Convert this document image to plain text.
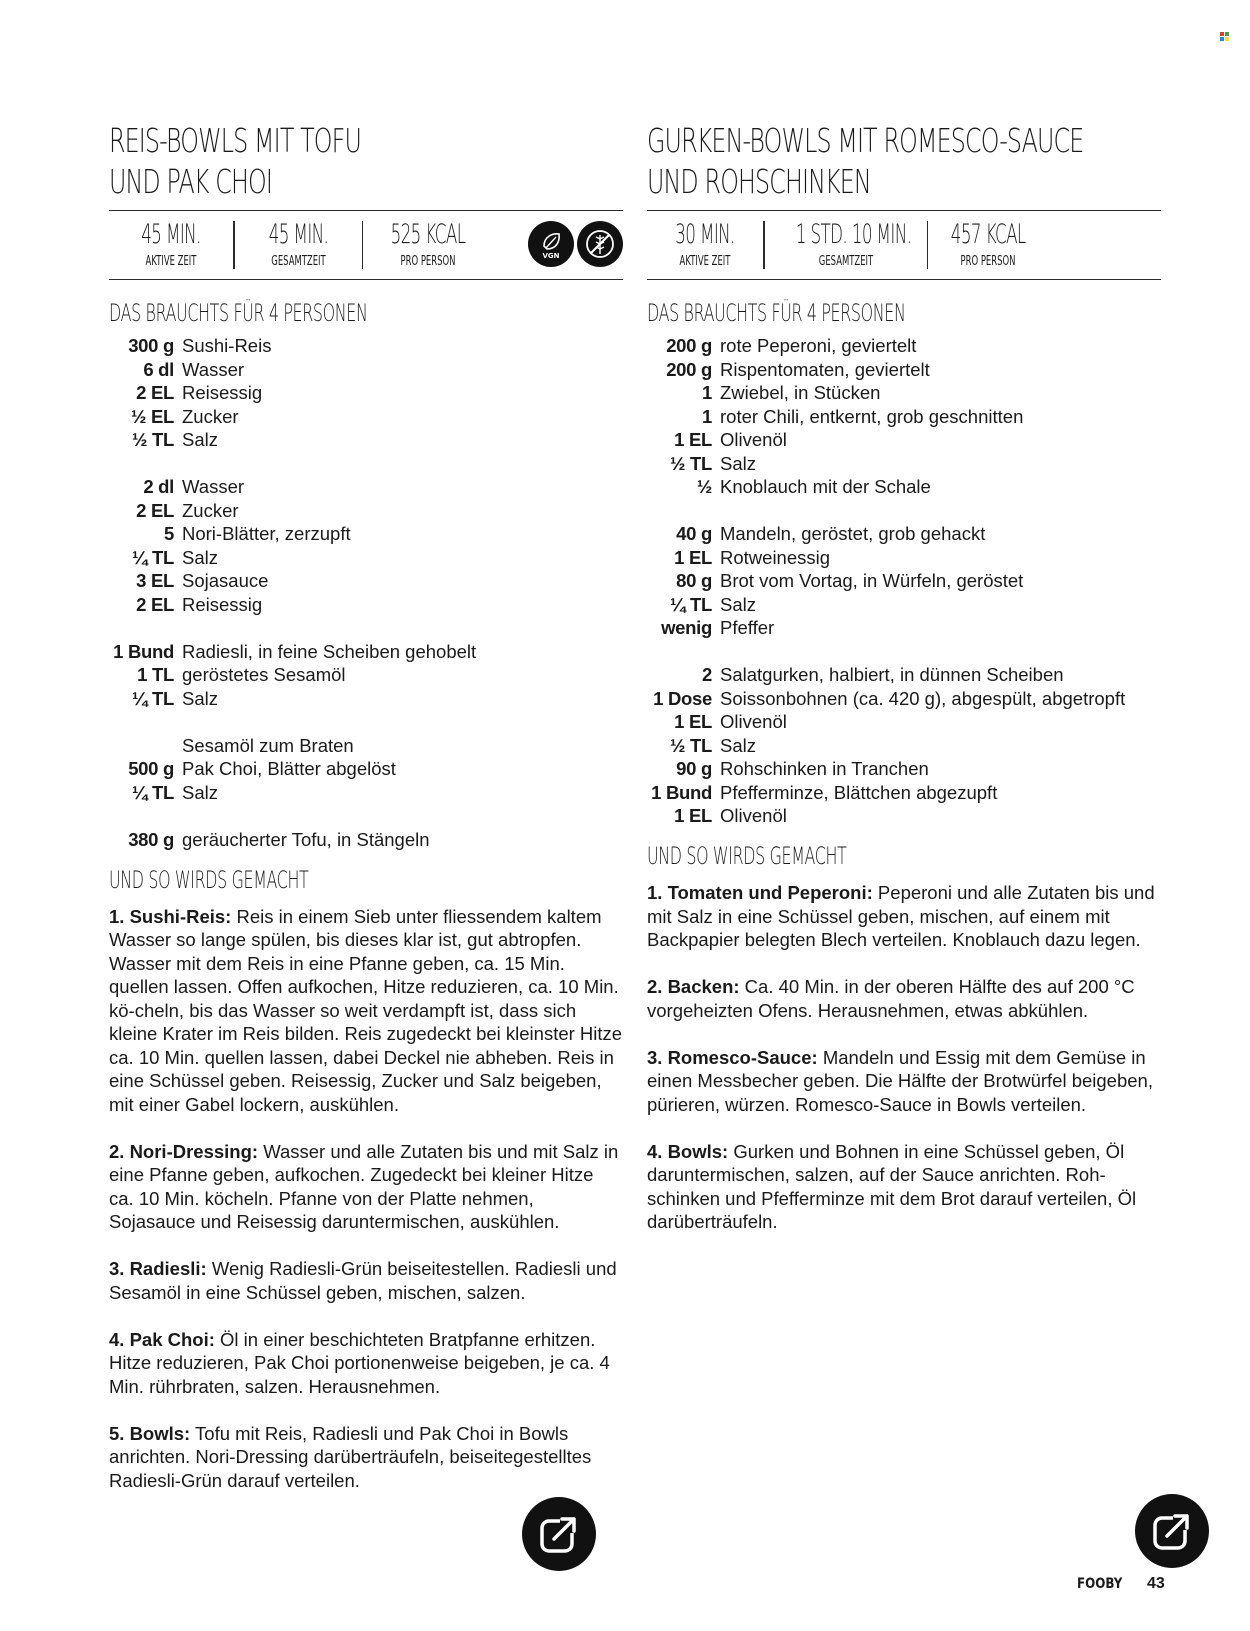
REIS-BOWLS MIT TOFU
UND PAK CHOI
45 MIN.
AKTIVE ZEIT
45 MIN.
GESAMTZEIT
525 KCAL
PRO PERSON	VGN
DAS BRAUCHTS FÜR 4 PERSONEN
300 g Sushi-Reis
6 dl Wasser
2 EL Reisessig
½ EL Zucker
½ TL Salz
2 dl Wasser
2 EL Zucker
5 Nori-Blätter, zerzupft
¼ TL Salz
3 EL Sojasauce
2 EL Reisessig
1 Bund Radiesli, in feine Scheiben gehobelt
1 TL geröstetes Sesamöl
¼ TL Salz
Sesamöl zum Braten
500 g Pak Choi, Blätter abgelöst
¼ TL Salz
380 g geräucherter Tofu, in Stängeln
UND SO WIRDS GEMACHT

1. Sushi-Reis: Reis in einem Sieb unter fliessendem kaltem Wasser so lange spülen, bis dieses klar ist, gut abtropfen. Wasser mit dem Reis in eine Pfanne geben, ca. 15 Min. quellen lassen. Offen aufkochen, Hitze reduzieren, ca. 10 Min. kö-cheln, bis das Wasser so weit verdampft ist, dass sich kleine Krater im Reis bilden. Reis zugedeckt bei kleinster Hitze ca. 10 Min. quellen lassen, dabei Deckel nie abheben. Reis in eine Schüssel geben. Reisessig, Zucker und Salz beigeben, mit einer Gabel lockern, auskühlen.

2. Nori-Dressing: Wasser und alle Zutaten bis und mit Salz in eine Pfanne geben, aufkochen. Zugedeckt bei kleiner Hitze ca. 10 Min. köcheln. Pfanne von der Platte nehmen, Sojasauce und Reisessig daruntermischen, auskühlen.

3. Radiesli: Wenig Radiesli-Grün beiseitestellen. Radiesli und Sesamöl in eine Schüssel geben, mischen, salzen.

4. Pak Choi: Öl in einer beschichteten Bratpfanne erhitzen. Hitze reduzieren, Pak Choi portionenweise beigeben, je ca. 4 Min. rührbraten, salzen. Herausnehmen.

5. Bowls: Tofu mit Reis, Radiesli und Pak Choi in Bowls anrichten. Nori-Dressing darüberträufeln, beiseitegestelltes Radiesli-Grün darauf verteilen.

GURKEN-BOWLS MIT ROMESCO-SAUCE
UND ROHSCHINKEN
30 MIN.
AKTIVE ZEIT
1 STD. 10 MIN.
GESAMTZEIT
457 KCAL
PRO PERSON
DAS BRAUCHTS FÜR 4 PERSONEN
200 g rote Peperoni, geviertelt
200 g Rispentomaten, geviertelt
1 Zwiebel, in Stücken
1 roter Chili, entkernt, grob geschnitten
1 EL Olivenöl
½ TL Salz
½ Knoblauch mit der Schale
40 g Mandeln, geröstet, grob gehackt
1 EL Rotweinessig
80 g Brot vom Vortag, in Würfeln, geröstet
¼ TL Salz
wenig Pfeffer
2 Salatgurken, halbiert, in dünnen Scheiben
1 Dose Soissonbohnen (ca. 420 g), abgespült, abgetropft
1 EL Olivenöl
½ TL Salz
90 g Rohschinken in Tranchen
1 Bund Pfefferminze, Blättchen abgezupft
1 EL Olivenöl
UND SO WIRDS GEMACHT

1. Tomaten und Peperoni: Peperoni und alle Zutaten bis und mit Salz in eine Schüssel geben, mischen, auf einem mit Backpapier belegten Blech verteilen. Knoblauch dazu legen.

2. Backen: Ca. 40 Min. in der oberen Hälfte des auf 200 °C vorgeheizten Ofens. Herausnehmen, etwas abkühlen.

3. Romesco-Sauce: Mandeln und Essig mit dem Gemüse in einen Messbecher geben. Die Hälfte der Brotwürfel beigeben, pürieren, würzen. Romesco-Sauce in Bowls verteilen.

4. Bowls: Gurken und Bohnen in eine Schüssel geben, Öl daruntermischen, salzen, auf der Sauce anrichten. Roh-schinken und Pfefferminze mit dem Brot darauf verteilen, Öl darüberträufeln.

FOOBY 43
